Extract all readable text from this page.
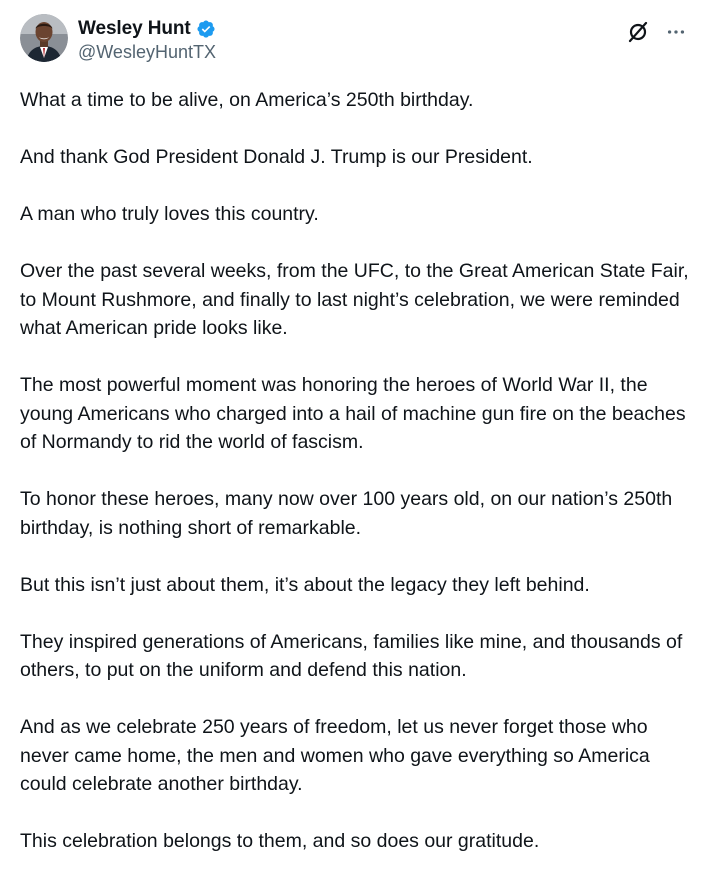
Wesley Hunt
@WesleyHuntTX

What a time to be alive, on America’s 250th birthday.

And thank God President Donald J. Trump is our President.

A man who truly loves this country.

Over the past several weeks, from the UFC, to the Great American State Fair, to Mount Rushmore, and finally to last night’s celebration, we were reminded what American pride looks like.

The most powerful moment was honoring the heroes of World War II, the young Americans who charged into a hail of machine gun fire on the beaches of Normandy to rid the world of fascism.

To honor these heroes, many now over 100 years old, on our nation’s 250th birthday, is nothing short of remarkable.

But this isn’t just about them, it’s about the legacy they left behind.

They inspired generations of Americans, families like mine, and thousands of others, to put on the uniform and defend this nation.

And as we celebrate 250 years of freedom, let us never forget those who never came home, the men and women who gave everything so America could celebrate another birthday.

This celebration belongs to them, and so does our gratitude.
